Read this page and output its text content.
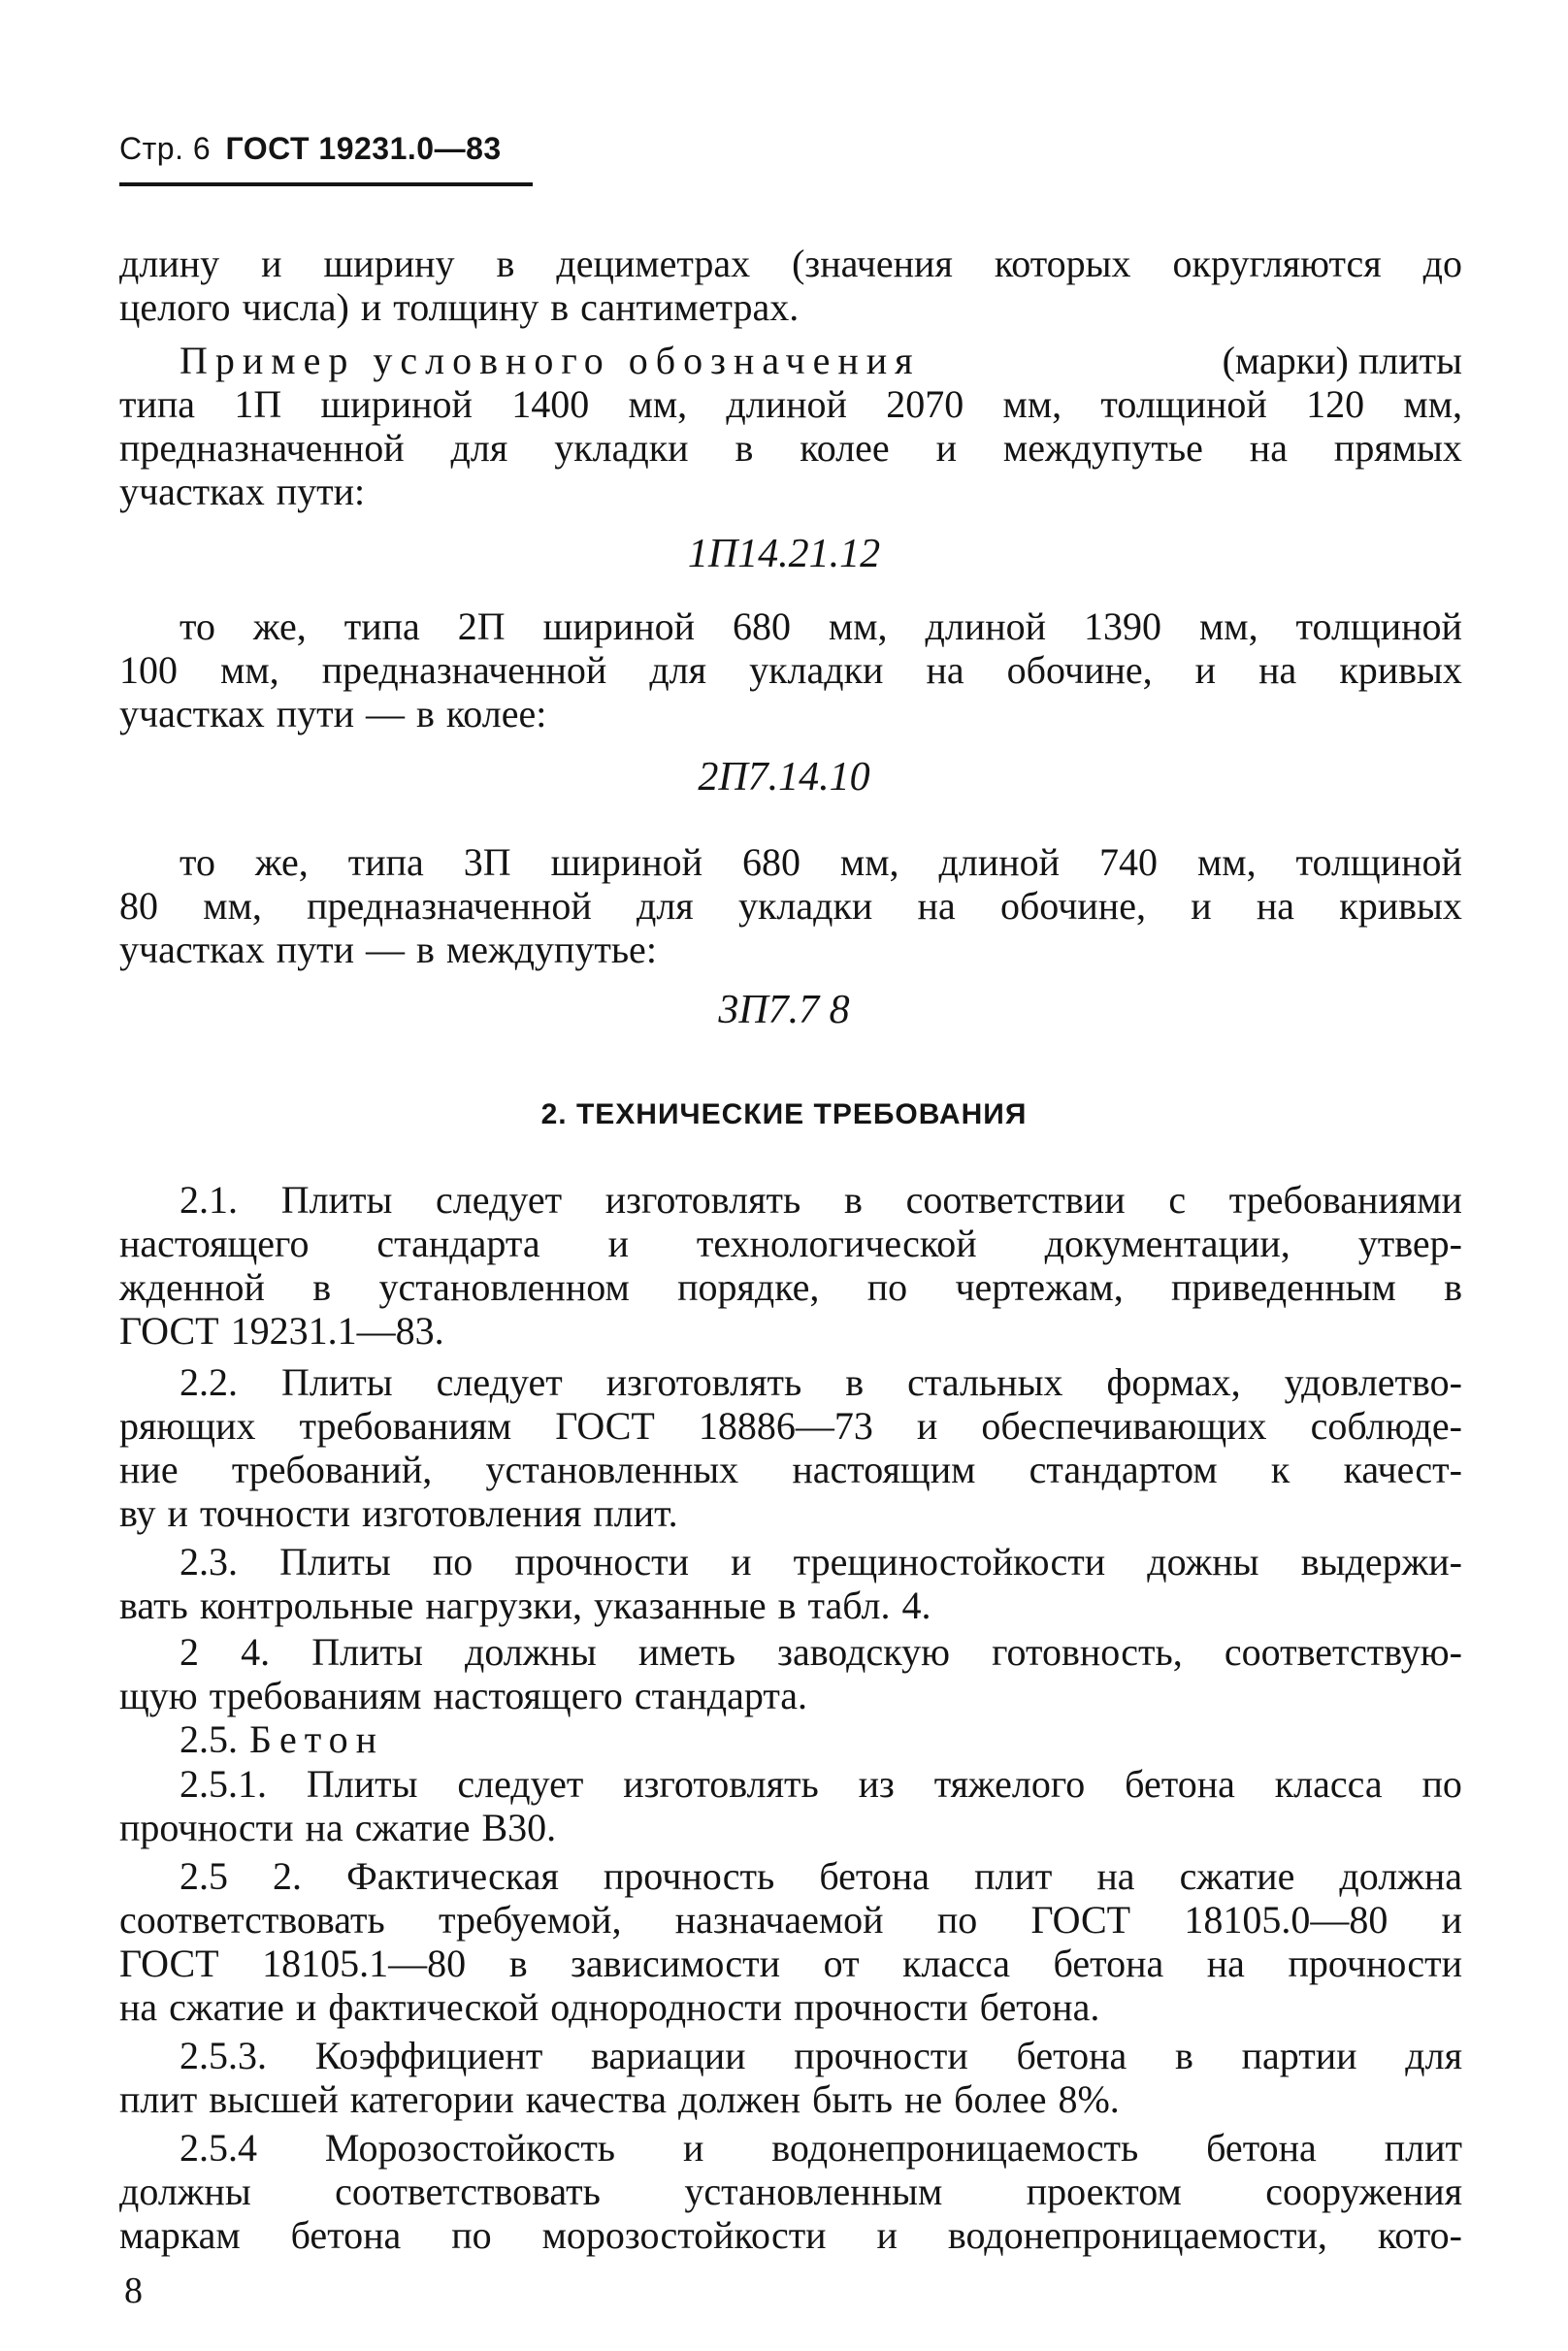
Стр. 6 ГОСТ 19231.0—83
длину и ширину в дециметрах (значения которых округляются до
целого числа) и толщину в сантиметрах.
Пример условного обозначения	(марки) плиты
типа 1П шириной 1400 мм, длиной 2070 мм, толщиной 120 мм,
предназначенной для укладки в колее и междупутье на прямых
участках пути:
1П14.21.12
то же, типа 2П шириной 680 мм, длиной 1390 мм, толщиной
100 мм, предназначенной для укладки на обочине, и на кривых
участках пути — в колее:
2П7.14.10
то же, типа 3П шириной 680 мм, длиной 740 мм, толщиной
80 мм, предназначенной для укладки на обочине, и на кривых
участках пути — в междупутье:
3П7.7 8
2. ТЕХНИЧЕСКИЕ ТРЕБОВАНИЯ
2.1. Плиты следует изготовлять в соответствии с требованиями
настоящего стандарта и технологической документации, утвер-
жденной в установленном порядке, по чертежам, приведенным в
ГОСТ 19231.1—83.
2.2. Плиты следует изготовлять в стальных формах, удовлетво-
ряющих требованиям ГОСТ 18886—73 и обеспечивающих соблюде-
ние требований, установленных настоящим стандартом к качест-
ву и точности изготовления плит.
2.3. Плиты по прочности и трещиностойкости дожны выдержи-
вать контрольные нагрузки, указанные в табл. 4.
2 4. Плиты должны иметь заводскую готовность, соответствую-
щую требованиям настоящего стандарта.
2.5. Бетон
2.5.1. Плиты следует изготовлять из тяжелого бетона класса по
прочности на сжатие В30.
2.5 2. Фактическая прочность бетона плит на сжатие должна
соответствовать требуемой, назначаемой по ГОСТ 18105.0—80 и
ГОСТ 18105.1—80 в зависимости от класса бетона на прочности
на сжатие и фактической однородности прочности бетона.
2.5.3. Коэффициент вариации прочности бетона в партии для
плит высшей категории качества должен быть не более 8%.
2.5.4 Морозостойкость и водонепроницаемость бетона плит
должны соответствовать установленным проектом сооружения
маркам бетона по морозостойкости и водонепроницаемости, кото-
8
